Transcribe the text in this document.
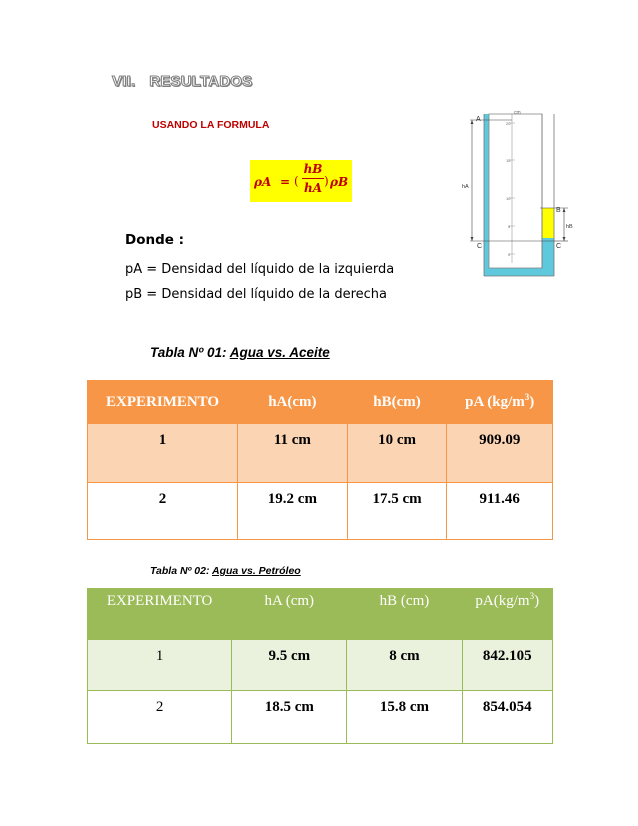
VII. RESULTADOS
USANDO LA FORMULA
ρA = (
hB
hA ) ρB
Donde :
pA = Densidad del líquido de la izquierda
pB = Densidad del líquido de la derecha
cm
20
15
10
5
0
A
B
C	C
hA
hB
Tabla Nº 01: Agua vs. Aceite
EXPERIMENTO	hA(cm)	hB(cm)	pA $(kg/m^3)$
1	11 cm	10 cm	909.09
2	19.2 cm	17.5 cm	911.46
Tabla Nº 02: Agua vs. Petróleo
EXPERIMENTO	hA (cm)	hB (cm)	$pA(kg/m^3)$
1	9.5 cm	8 cm	842.105
2	18.5 cm	15.8 cm	854.054
